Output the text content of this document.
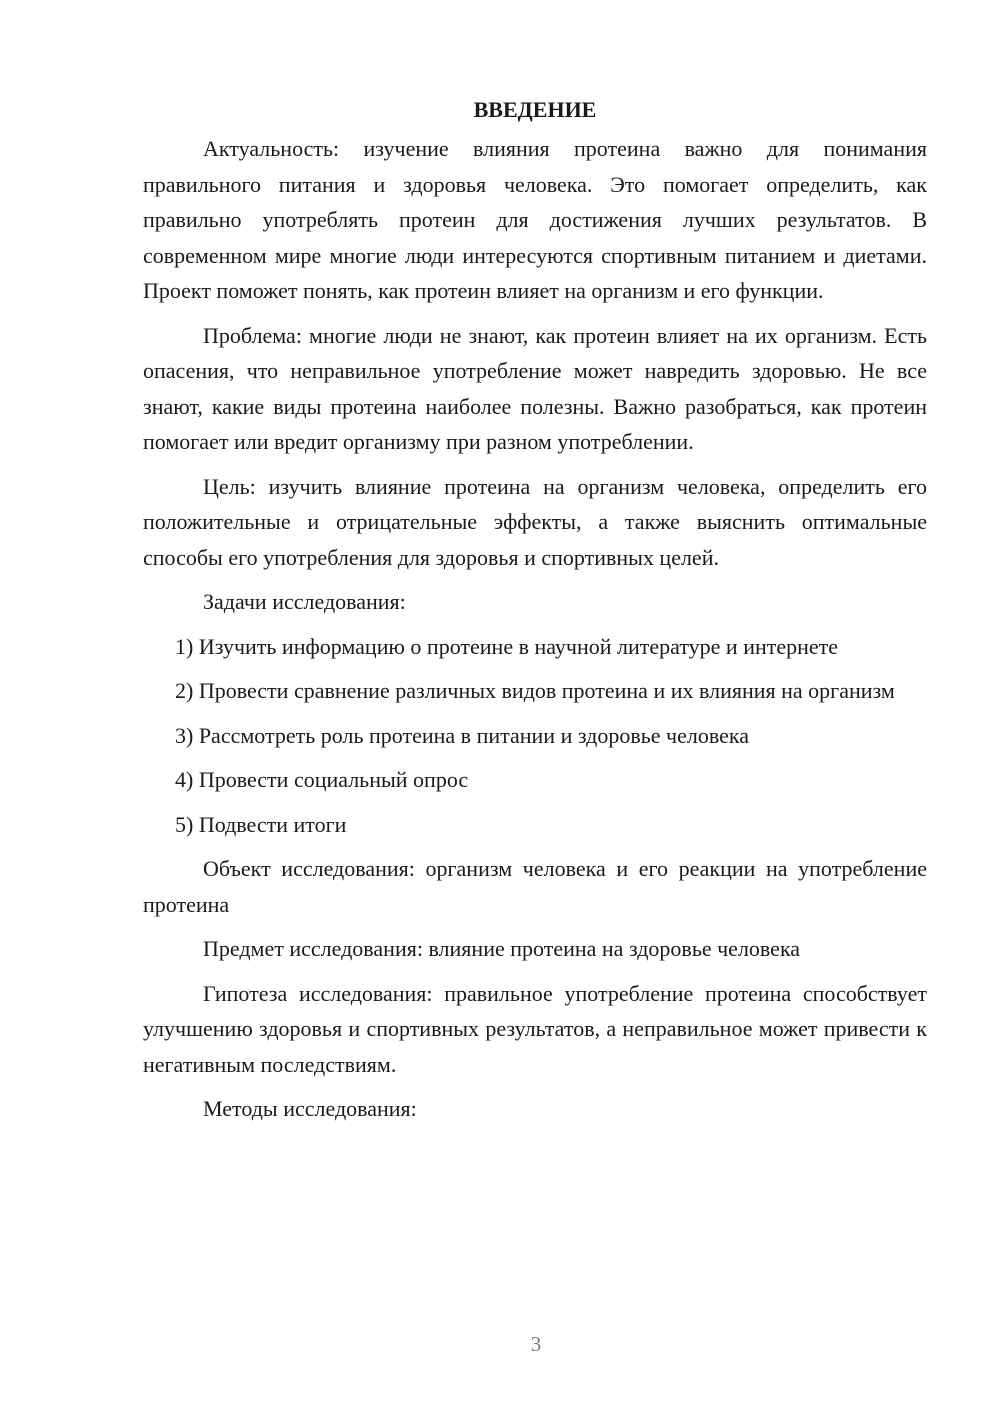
ВВЕДЕНИЕ

Актуальность: изучение влияния протеина важно для понимания правильного питания и здоровья человека. Это помогает определить, как правильно употреблять протеин для достижения лучших результатов. В современном мире многие люди интересуются спортивным питанием и диетами. Проект поможет понять, как протеин влияет на организм и его функции.

Проблема: многие люди не знают, как протеин влияет на их организм. Есть опасения, что неправильное употребление может навредить здоровью. Не все знают, какие виды протеина наиболее полезны. Важно разобраться, как протеин помогает или вредит организму при разном употреблении.

Цель: изучить влияние протеина на организм человека, определить его положительные и отрицательные эффекты, а также выяснить оптимальные способы его употребления для здоровья и спортивных целей.

Задачи исследования:

1) Изучить информацию о протеине в научной литературе и интернете

2) Провести сравнение различных видов протеина и их влияния на организм

3) Рассмотреть роль протеина в питании и здоровье человека

4) Провести социальный опрос

5) Подвести итоги

Объект исследования: организм человека и его реакции на употребление протеина

Предмет исследования: влияние протеина на здоровье человека

Гипотеза исследования: правильное употребление протеина способствует улучшению здоровья и спортивных результатов, а неправильное может привести к негативным последствиям.

Методы исследования:

3
